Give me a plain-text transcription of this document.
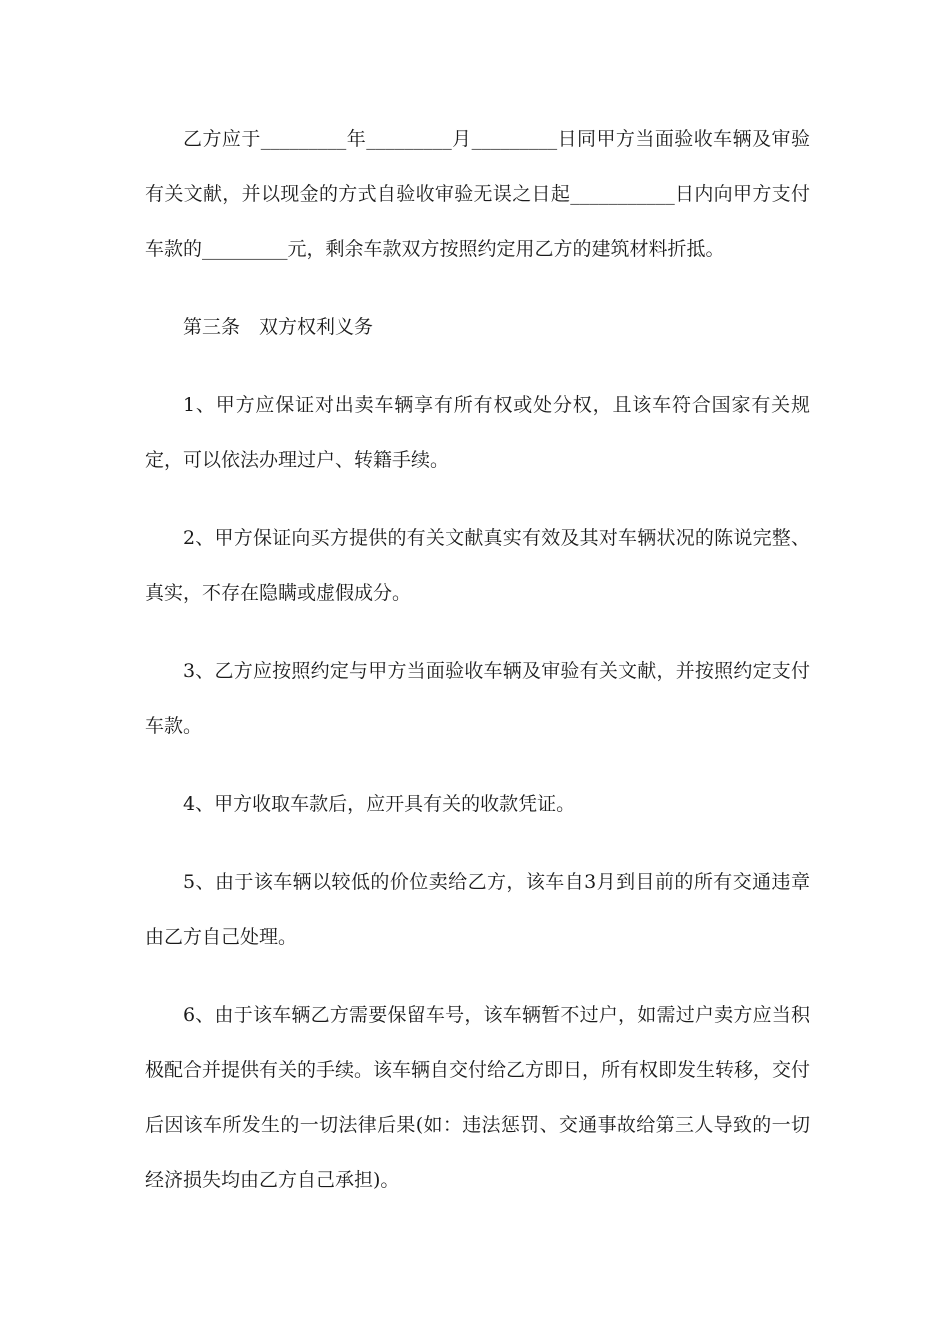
乙方应于_________年_________月_________日同甲方当面验收车辆及审验有关文献，并以现金的方式自验收审验无误之日起___________日内向甲方支付车款的_________元，剩余车款双方按照约定用乙方的建筑材料折抵。

第三条　双方权利义务

1、甲方应保证对出卖车辆享有所有权或处分权，且该车符合国家有关规定，可以依法办理过户、转籍手续。

2、甲方保证向买方提供的有关文献真实有效及其对车辆状况的陈说完整、真实，不存在隐瞒或虚假成分。

3、乙方应按照约定与甲方当面验收车辆及审验有关文献，并按照约定支付车款。

4、甲方收取车款后，应开具有关的收款凭证。

5、由于该车辆以较低的价位卖给乙方，该车自3月到目前的所有交通违章由乙方自己处理。

6、由于该车辆乙方需要保留车号，该车辆暂不过户，如需过户卖方应当积极配合并提供有关的手续。该车辆自交付给乙方即日，所有权即发生转移，交付后因该车所发生的一切法律后果(如：违法惩罚、交通事故给第三人导致的一切经济损失均由乙方自己承担)。
